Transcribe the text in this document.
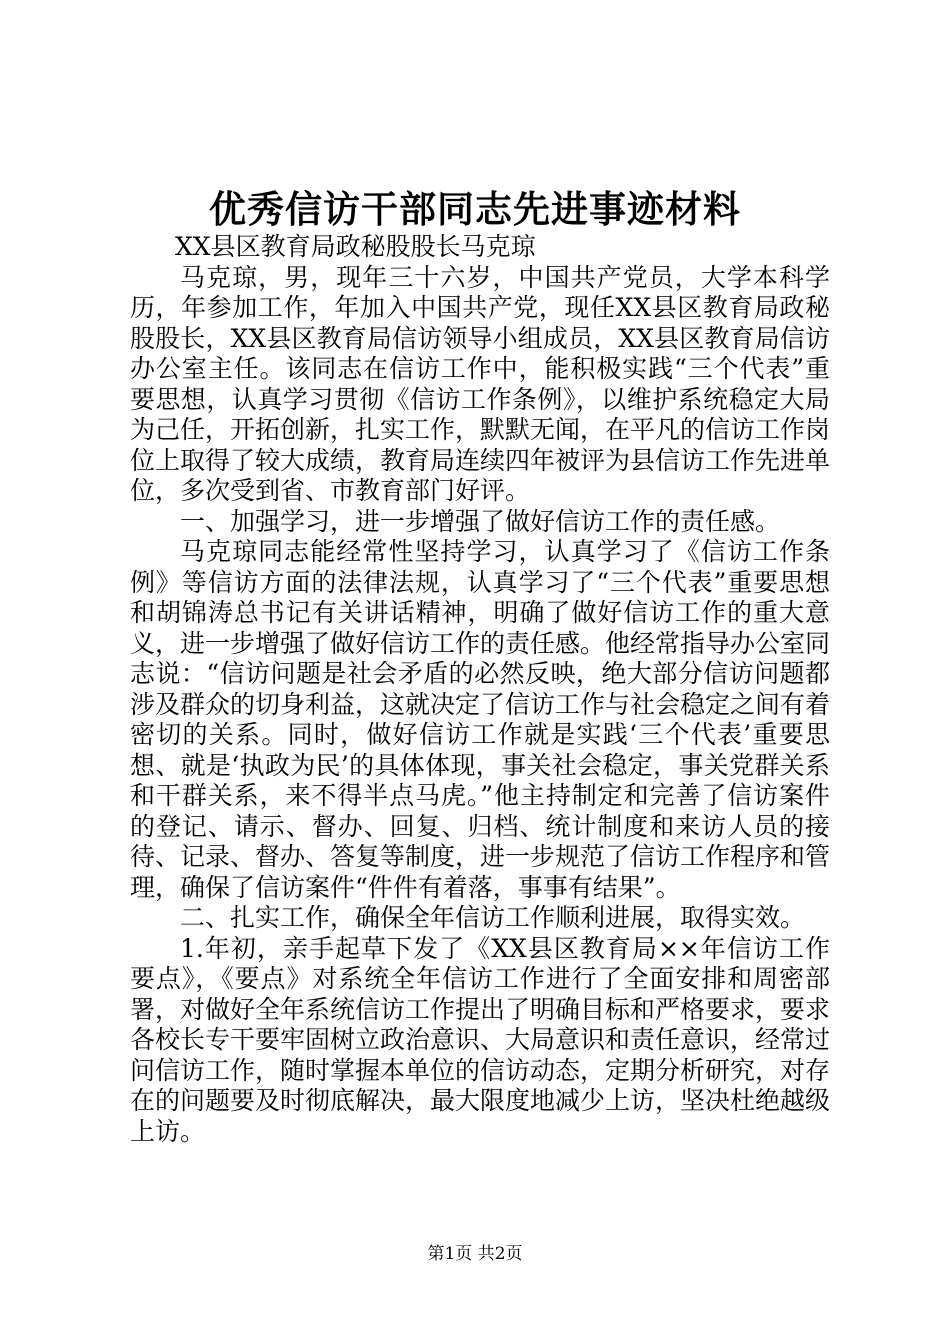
优秀信访干部同志先进事迹材料

XX县区教育局政秘股股长马克琼

马克琼，男，现年三十六岁，中国共产党员，大学本科学历，年参加工作，年加入中国共产党，现任XX县区教育局政秘股股长，XX县区教育局信访领导小组成员，XX县区教育局信访办公室主任。该同志在信访工作中，能积极实践“三个代表”重要思想，认真学习贯彻《信访工作条例》，以维护系统稳定大局为己任，开拓创新，扎实工作，默默无闻，在平凡的信访工作岗位上取得了较大成绩，教育局连续四年被评为县信访工作先进单位，多次受到省、市教育部门好评。

一、加强学习，进一步增强了做好信访工作的责任感。

马克琼同志能经常性坚持学习，认真学习了《信访工作条例》等信访方面的法律法规，认真学习了“三个代表”重要思想和胡锦涛总书记有关讲话精神，明确了做好信访工作的重大意义，进一步增强了做好信访工作的责任感。他经常指导办公室同志说：“信访问题是社会矛盾的必然反映，绝大部分信访问题都涉及群众的切身利益，这就决定了信访工作与社会稳定之间有着密切的关系。同时，做好信访工作就是实践‘三个代表’重要思想、就是‘执政为民’的具体体现，事关社会稳定，事关党群关系和干群关系，来不得半点马虎。”他主持制定和完善了信访案件的登记、请示、督办、回复、归档、统计制度和来访人员的接待、记录、督办、答复等制度，进一步规范了信访工作程序和管理，确保了信访案件“件件有着落，事事有结果”。

二、扎实工作，确保全年信访工作顺利进展，取得实效。

1.年初，亲手起草下发了《XX县区教育局××年信访工作要点》，《要点》对系统全年信访工作进行了全面安排和周密部署，对做好全年系统信访工作提出了明确目标和严格要求，要求各校长专干要牢固树立政治意识、大局意识和责任意识，经常过问信访工作，随时掌握本单位的信访动态，定期分析研究，对存在的问题要及时彻底解决，最大限度地减少上访，坚决杜绝越级上访。

第1页 共2页
